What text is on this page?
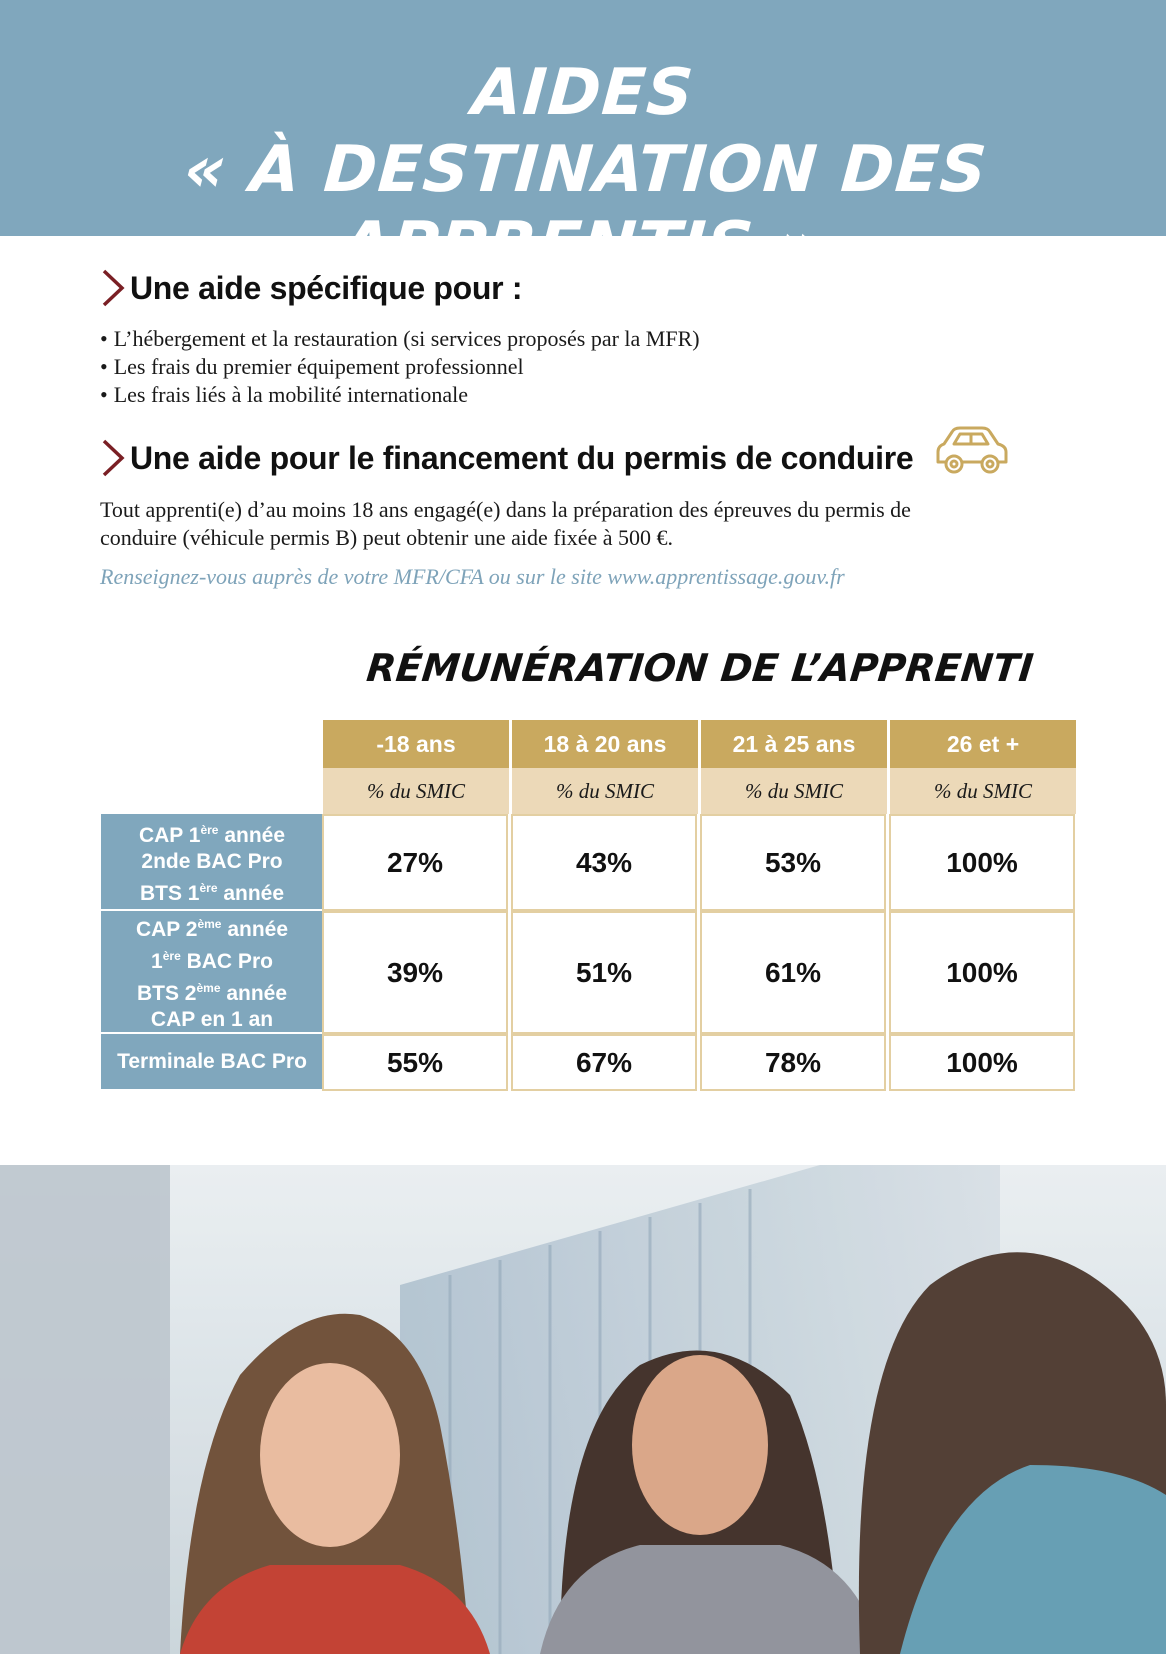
AIDES
« À DESTINATION DES APPRENTIS »
Une aide spécifique pour :
• L’hébergement et la restauration (si services proposés par la MFR)
• Les frais du premier équipement professionnel
• Les frais liés à la mobilité internationale
Une aide pour le financement du permis de conduire
Tout apprenti(e) d’au moins 18 ans engagé(e) dans la préparation des épreuves du permis de
conduire (véhicule permis B) peut obtenir une aide fixée à 500 €.
Renseignez-vous auprès de votre MFR/CFA ou sur le site www.apprentissage.gouv.fr
RÉMUNÉRATION DE L’APPRENTI
-18 ans	18 à 20 ans	21 à 25 ans	26 et +
% du SMIC	% du SMIC	% du SMIC	% du SMIC
CAP 1ère année
2nde BAC Pro
BTS 1ère année
27%	43%	53%	100%
CAP 2ème année
1ère BAC Pro
BTS 2ème année
CAP en 1 an
39%	51%	61%	100%
Terminale BAC Pro	55%	67%	78%	100%
